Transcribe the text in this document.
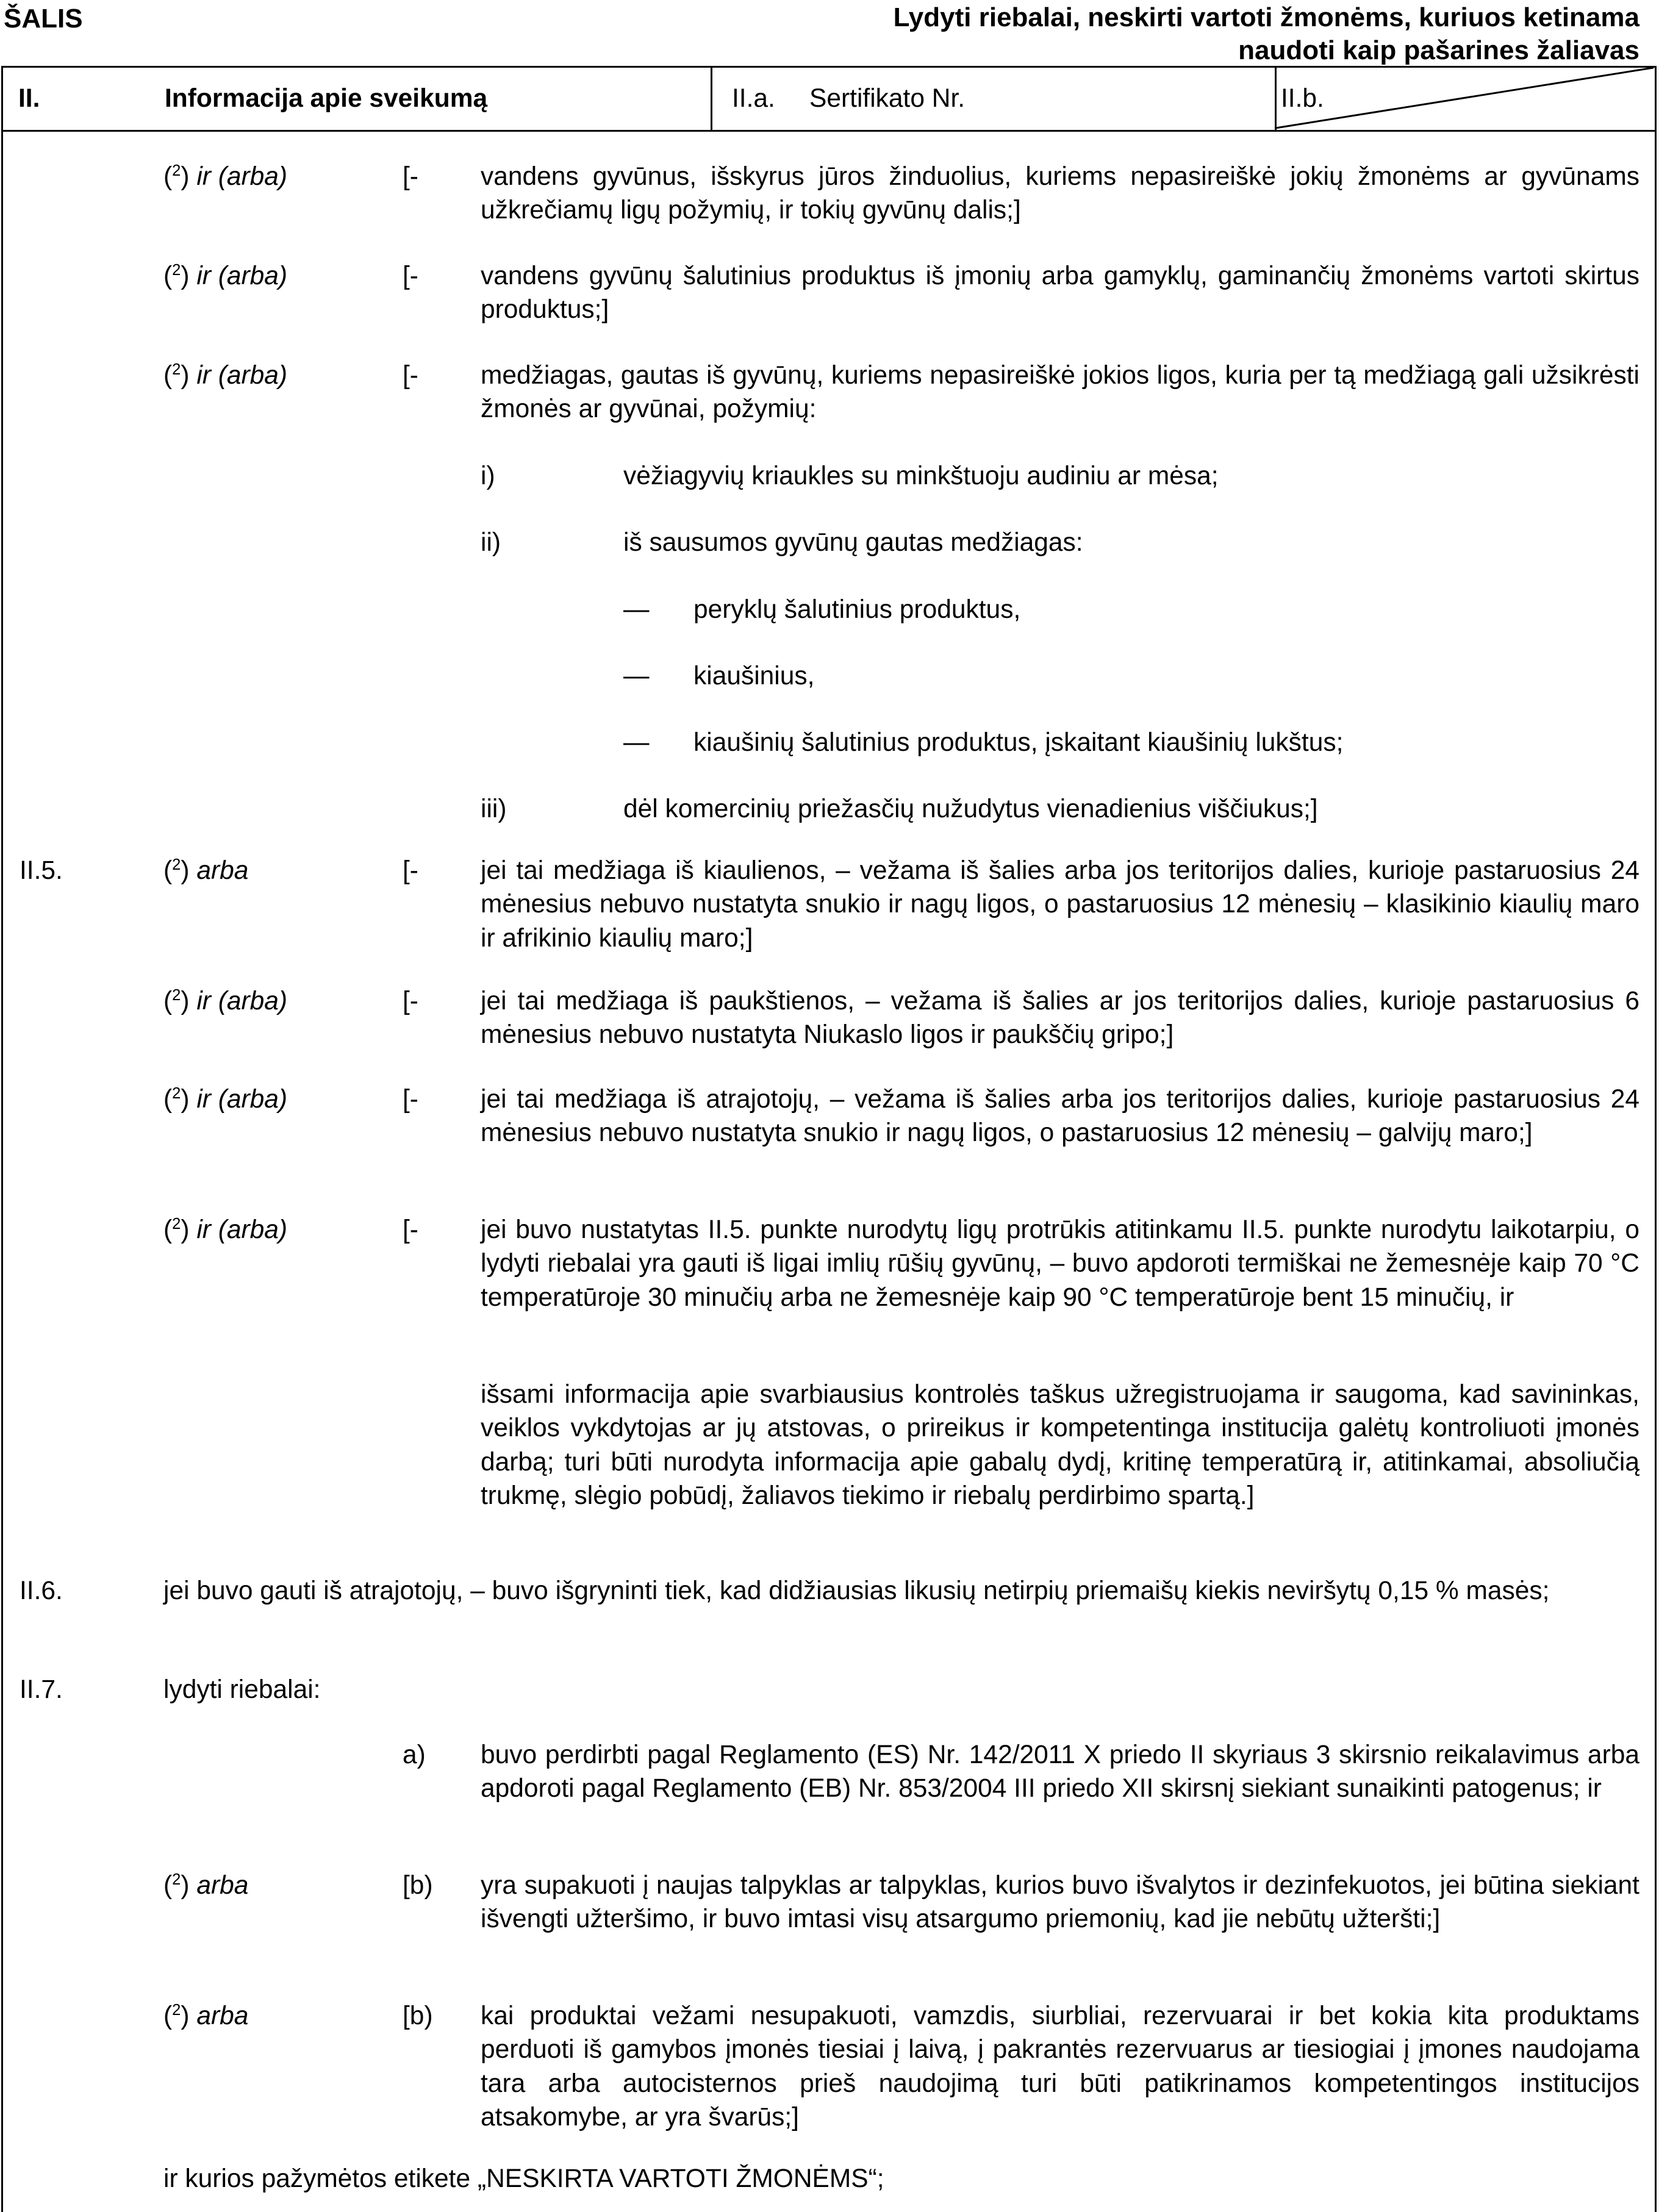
ŠALIS	Lydyti riebalai, neskirti vartoti žmonėms, kuriuos ketinama naudoti kaip pašarines žaliavas
II.	Informacija apie sveikumą	II.a. Sertifikato Nr.	II.b.
($^2$) ir (arba)	[- vandens gyvūnus, išskyrus jūros žinduolius, kuriems nepasireiškė jokių žmonėms ar gyvūnams užkrečiamų ligų požymių, ir tokių gyvūnų dalis;]
($^2$) ir (arba)	[- vandens gyvūnų šalutinius produktus iš įmonių arba gamyklų, gaminančių žmonėms vartoti skirtus produktus;]
($^2$) ir (arba)	[- medžiagas, gautas iš gyvūnų, kuriems nepasireiškė jokios ligos, kuria per tą medžiagą gali užsikrėsti žmonės ar gyvūnai, požymių:
i)	vėžiagyvių kriaukles su minkštuoju audiniu ar mėsa;
ii)	iš sausumos gyvūnų gautas medžiagas:
— peryklų šalutinius produktus,
— kiaušinius,
— kiaušinių šalutinius produktus, įskaitant kiaušinių lukštus;
iii)	dėl komercinių priežasčių nužudytus vienadienius viščiukus;]
II.5.	($^2$) arba	[- jei tai medžiaga iš kiaulienos, – vežama iš šalies arba jos teritorijos dalies, kurioje pastaruosius 24 mėnesius nebuvo nustatyta snukio ir nagų ligos, o pastaruosius 12 mėnesių – klasikinio kiaulių maro ir afrikinio kiaulių maro;]
($^2$) ir (arba)	[- jei tai medžiaga iš paukštienos, – vežama iš šalies ar jos teritorijos dalies, kurioje pastaruosius 6 mėnesius nebuvo nustatyta Niukaslo ligos ir paukščių gripo;]
($^2$) ir (arba)	[- jei tai medžiaga iš atrajotojų, – vežama iš šalies arba jos teritorijos dalies, kurioje pastaruosius 24 mėnesius nebuvo nustatyta snukio ir nagų ligos, o pastaruosius 12 mėnesių – galvijų maro;]
($^2$) ir (arba)	[- jei buvo nustatytas II.5. punkte nurodytų ligų protrūkis atitinkamu II.5. punkte nurodytu laikotarpiu, o lydyti riebalai yra gauti iš ligai imlių rūšių gyvūnų, – buvo apdoroti termiškai ne žemesnėje kaip 70 °C temperatūroje 30 minučių arba ne žemesnėje kaip 90 °C temperatūroje bent 15 minučių, ir
išsami informacija apie svarbiausius kontrolės taškus užregistruojama ir saugoma, kad savininkas, veiklos vykdytojas ar jų atstovas, o prireikus ir kompetentinga institucija galėtų kontroliuoti įmonės darbą; turi būti nurodyta informacija apie gabalų dydį, kritinę temperatūrą ir, atitinkamai, absoliučią trukmę, slėgio pobūdį, žaliavos tiekimo ir riebalų perdirbimo spartą.]
II.6.	jei buvo gauti iš atrajotojų, – buvo išgryninti tiek, kad didžiausias likusių netirpių priemaišų kiekis neviršytų 0,15 % masės;
II.7.	lydyti riebalai:
a) buvo perdirbti pagal Reglamento (ES) Nr. 142/2011 X priedo II skyriaus 3 skirsnio reikalavimus arba apdoroti pagal Reglamento (EB) Nr. 853/2004 III priedo XII skirsnį siekiant sunaikinti patogenus; ir
($^2$) arba	[b) yra supakuoti į naujas talpyklas ar talpyklas, kurios buvo išvalytos ir dezinfekuotos, jei būtina siekiant išvengti užteršimo, ir buvo imtasi visų atsargumo priemonių, kad jie nebūtų užteršti;]
($^2$) arba	[b) kai produktai vežami nesupakuoti, vamzdis, siurbliai, rezervuarai ir bet kokia kita produktams perduoti iš gamybos įmonės tiesiai į laivą, į pakrantės rezervuarus ar tiesiogiai į įmones naudojama tara arba autocisternos prieš naudojimą turi būti patikrinamos kompetentingos institucijos atsakomybe, ar yra švarūs;]
ir kurios pažymėtos etikete „NESKIRTA VARTOTI ŽMONĖMS“;
